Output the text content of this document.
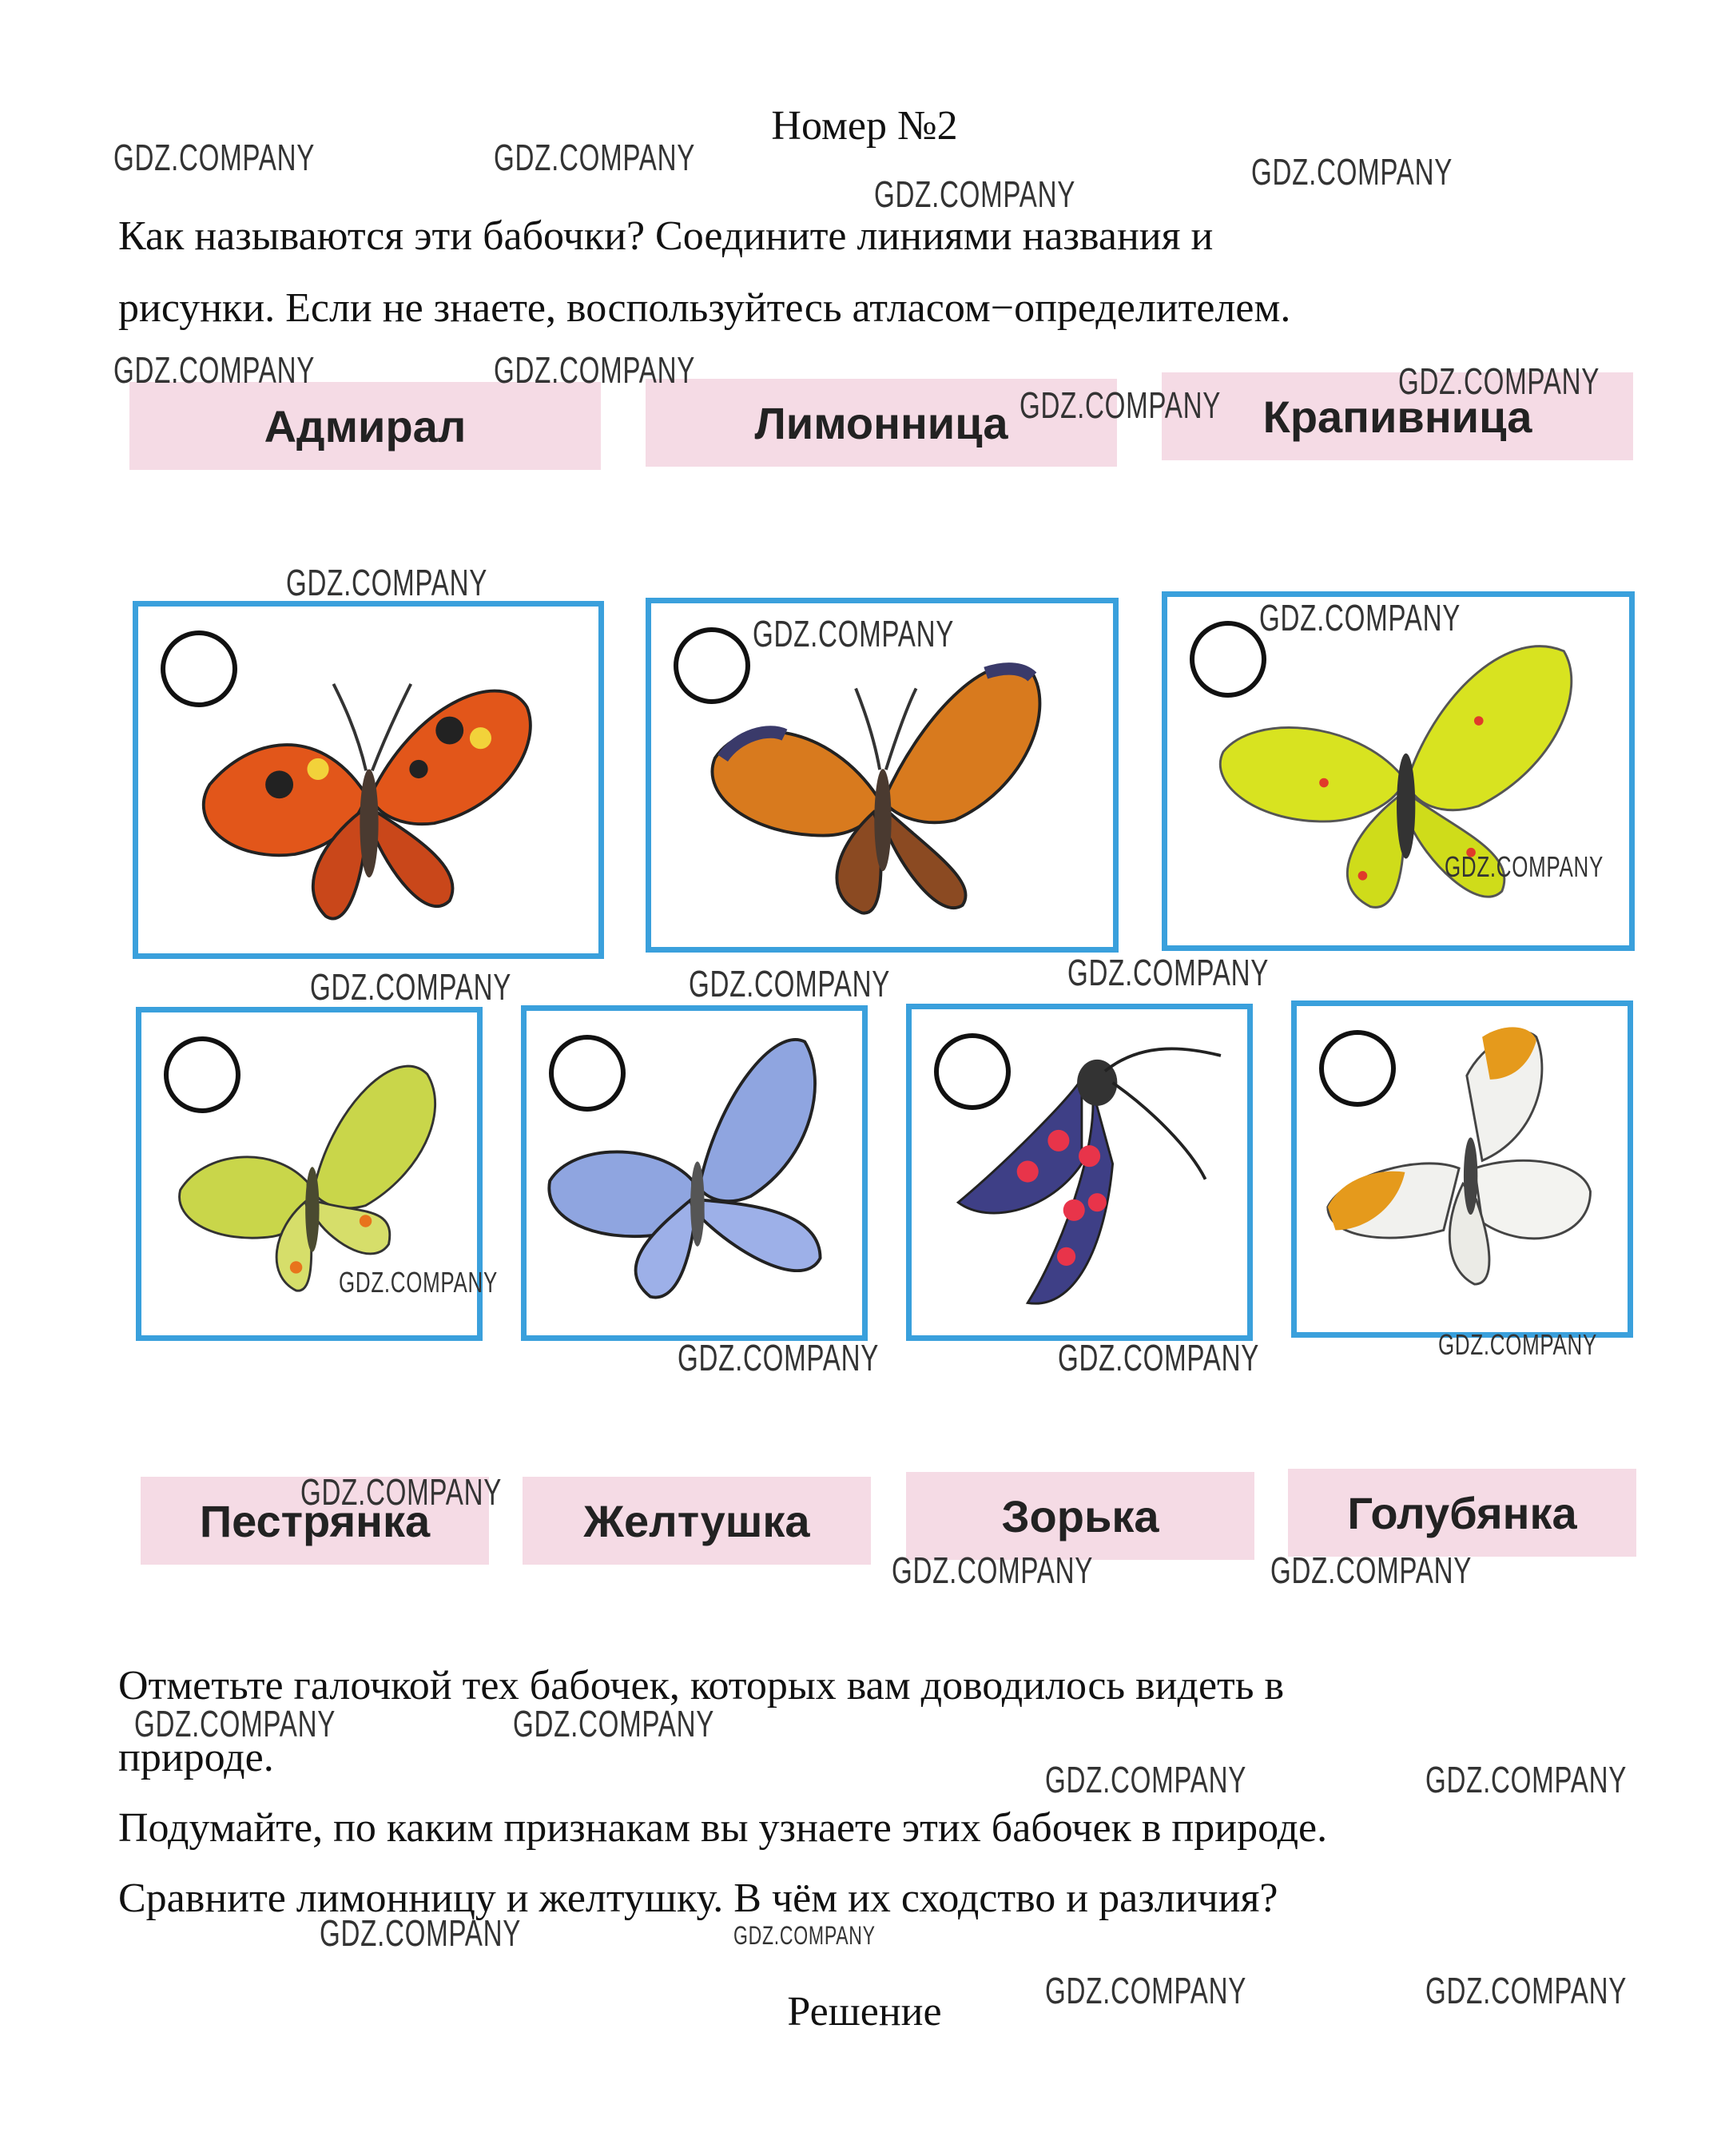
Номер №2
Как называются эти бабочки? Соедините линиями названия и
рисунки. Если не знаете, воспользуйтесь атласом−определителем.
Адмирал	Лимонница	Крапивница
Пестрянка	Желтушка	Зорька	Голубянка
Отметьте галочкой тех бабочек, которых вам доводилось видеть в
природе.
Подумайте, по каким признакам вы узнаете этих бабочек в природе.
Сравните лимонницу и желтушку. В чём их сходство и различия?
Решение
GDZ.COMPANY	GDZ.COMPANY
GDZ.COMPANY
GDZ.COMPANY
GDZ.COMPANY	GDZ.COMPANY
GDZ.COMPANY
GDZ.COMPANY
GDZ.COMPANY
GDZ.COMPANY	GDZ.COMPANY
GDZ.COMPANY
GDZ.COMPANY	GDZ.COMPANY	GDZ.COMPANY
GDZ.COMPANY
GDZ.COMPANY	GDZ.COMPANY	GDZ.COMPANY
GDZ.COMPANY
GDZ.COMPANY	GDZ.COMPANY
GDZ.COMPANY	GDZ.COMPANY
GDZ.COMPANY	GDZ.COMPANY
GDZ.COMPANY	GDZ.COMPANY
GDZ.COMPANY	GDZ.COMPANY
